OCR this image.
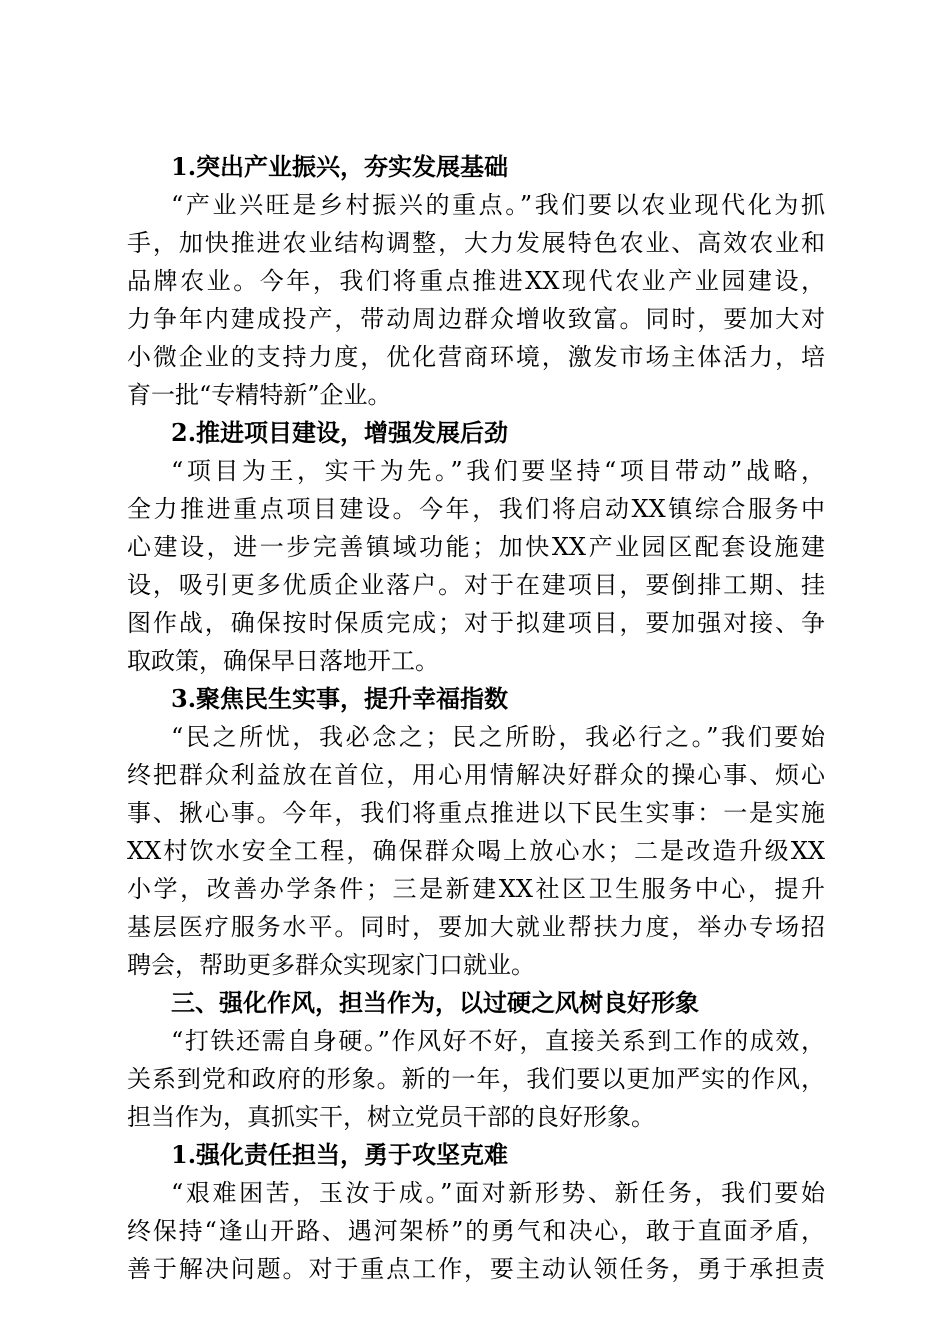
1.突出产业振兴，夯实发展基础
“产业兴旺是乡村振兴的重点。”我们要以农业现代化为抓
手，加快推进农业结构调整，大力发展特色农业、高效农业和
品牌农业。今年，我们将重点推进XX现代农业产业园建设，
力争年内建成投产，带动周边群众增收致富。同时，要加大对
小微企业的支持力度，优化营商环境，激发市场主体活力，培
育一批“专精特新”企业。
2.推进项目建设，增强发展后劲
“项目为王，实干为先。”我们要坚持“项目带动”战略，
全力推进重点项目建设。今年，我们将启动XX镇综合服务中
心建设，进一步完善镇域功能；加快XX产业园区配套设施建
设，吸引更多优质企业落户。对于在建项目，要倒排工期、挂
图作战，确保按时保质完成；对于拟建项目，要加强对接、争
取政策，确保早日落地开工。
3.聚焦民生实事，提升幸福指数
“民之所忧，我必念之；民之所盼，我必行之。”我们要始
终把群众利益放在首位，用心用情解决好群众的操心事、烦心
事、揪心事。今年，我们将重点推进以下民生实事：一是实施
XX村饮水安全工程，确保群众喝上放心水；二是改造升级XX
小学，改善办学条件；三是新建XX社区卫生服务中心，提升
基层医疗服务水平。同时，要加大就业帮扶力度，举办专场招
聘会，帮助更多群众实现家门口就业。
三、强化作风，担当作为，以过硬之风树良好形象
“打铁还需自身硬。”作风好不好，直接关系到工作的成效，
关系到党和政府的形象。新的一年，我们要以更加严实的作风，
担当作为，真抓实干，树立党员干部的良好形象。
1.强化责任担当，勇于攻坚克难
“艰难困苦，玉汝于成。”面对新形势、新任务，我们要始
终保持“逢山开路、遇河架桥”的勇气和决心，敢于直面矛盾，
善于解决问题。对于重点工作，要主动认领任务，勇于承担责
